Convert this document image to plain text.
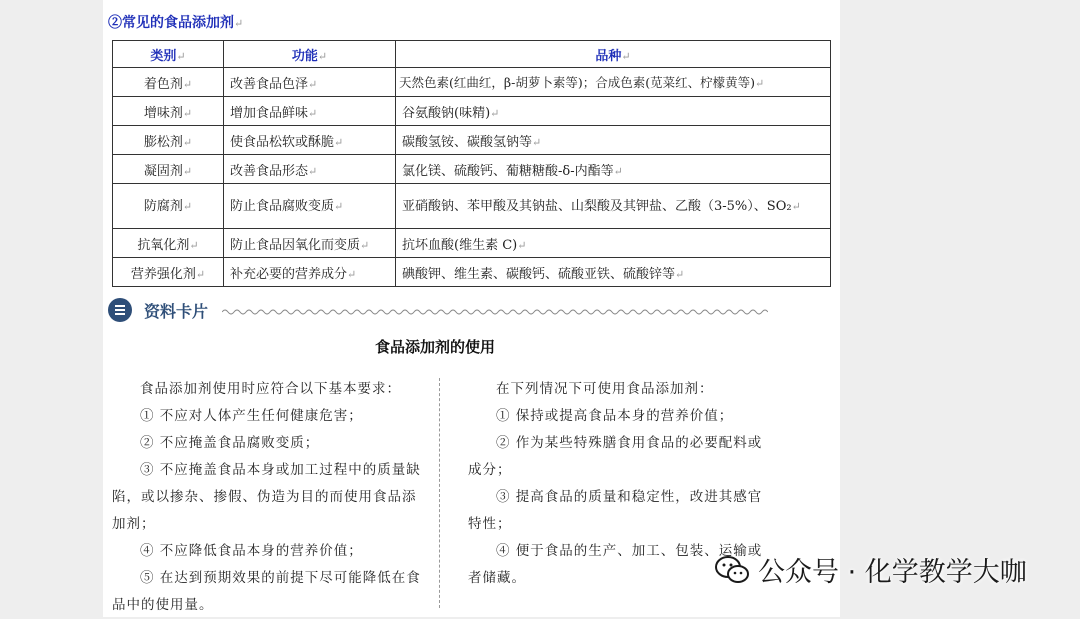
②常见的食品添加剂↵
类别↵	功能↵	品种↵
着色剂↵	改善食品色泽↵	天然色素(红曲红，β-胡萝卜素等)；合成色素(苋菜红、柠檬黄等)↵
增味剂↵	增加食品鲜味↵	谷氨酸钠(味精)↵
膨松剂↵	使食品松软或酥脆↵	碳酸氢铵、碳酸氢钠等↵
凝固剂↵	改善食品形态↵	氯化镁、硫酸钙、葡糖糖酸-δ-内酯等↵
防腐剂↵	防止食品腐败变质↵	亚硝酸钠、苯甲酸及其钠盐、山梨酸及其钾盐、乙酸（3-5%）、SO₂↵
抗氧化剂↵	防止食品因氧化而变质↵	抗坏血酸(维生素 C)↵
营养强化剂↵	补充必要的营养成分↵	碘酸钾、维生素、碳酸钙、硫酸亚铁、硫酸锌等↵
资料卡片
食品添加剂的使用

食品添加剂使用时应符合以下基本要求：

① 不应对人体产生任何健康危害；

② 不应掩盖食品腐败变质；

③ 不应掩盖食品本身或加工过程中的质量缺陷，或以掺杂、掺假、伪造为目的而使用食品添加剂；

④ 不应降低食品本身的营养价值；

⑤ 在达到预期效果的前提下尽可能降低在食品中的使用量。

在下列情况下可使用食品添加剂：

① 保持或提高食品本身的营养价值；

② 作为某些特殊膳食用食品的必要配料或成分；

③ 提高食品的质量和稳定性，改进其感官特性；

④ 便于食品的生产、加工、包装、运输或者储藏。	公众号 · 化学教学大咖
